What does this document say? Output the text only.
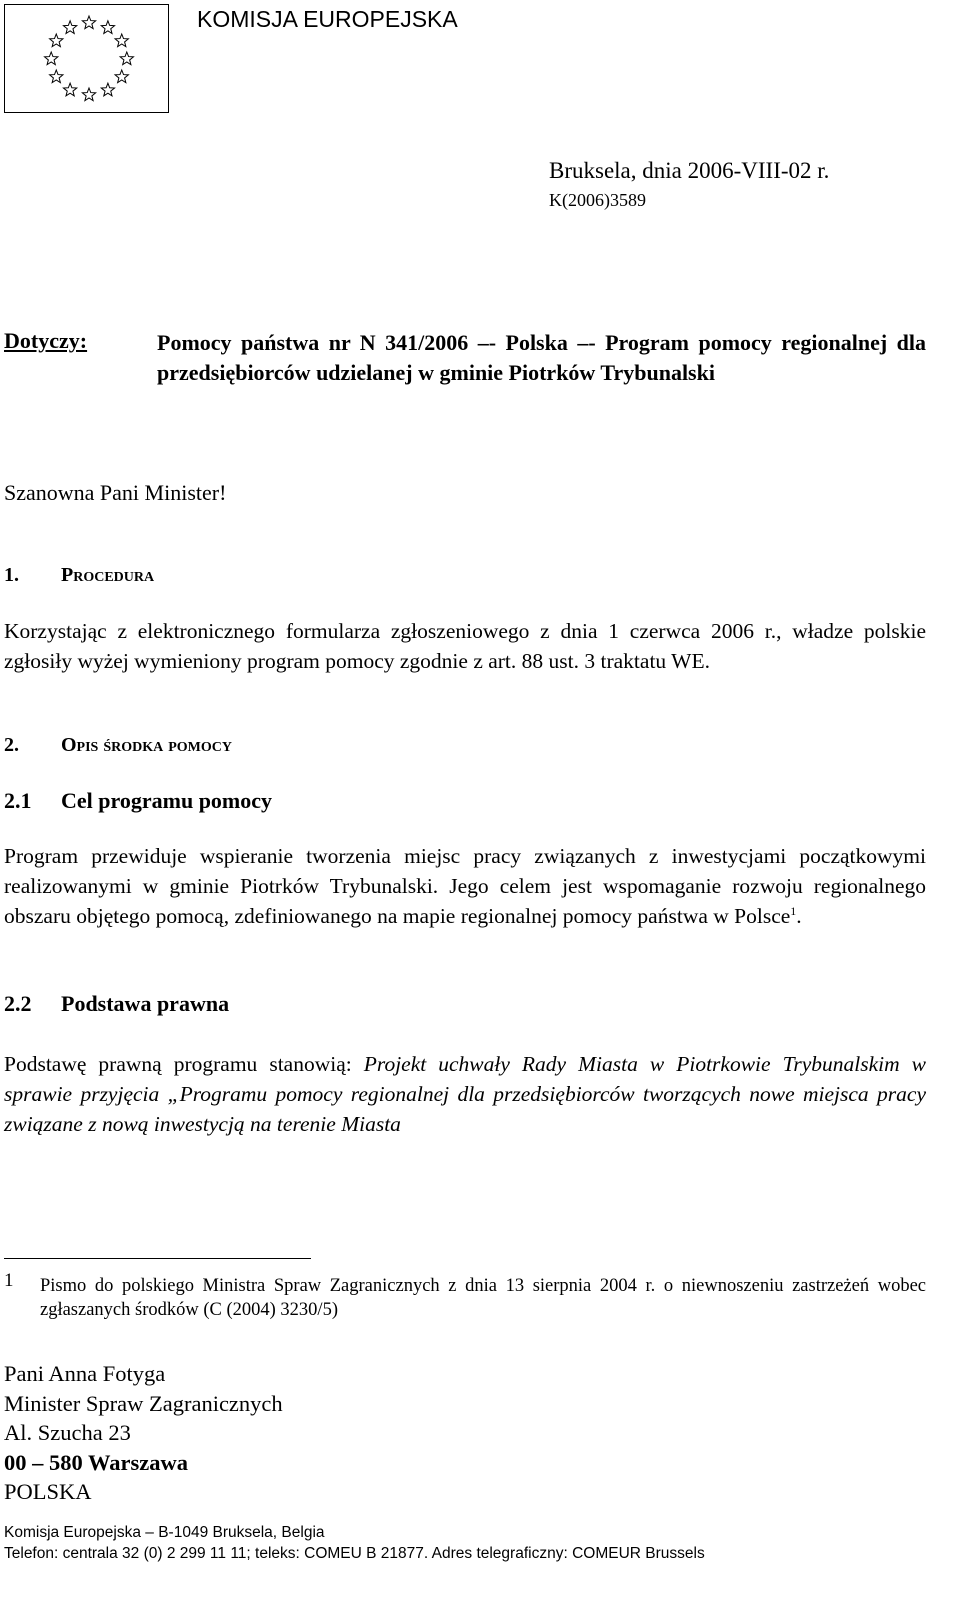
KOMISJA EUROPEJSKA
Bruksela, dnia 2006-VIII-02 r.
K(2006)3589
Dotyczy:	Pomocy państwa nr N 341/2006 –- Polska –- Program pomocy regionalnej dla przedsiębiorców udzielanej w gminie Piotrków Trybunalski
Szanowna Pani Minister!
1. Procedura
Korzystając z elektronicznego formularza zgłoszeniowego z dnia 1 czerwca 2006 r., władze polskie zgłosiły wyżej wymieniony program pomocy zgodnie z art. 88 ust. 3 traktatu WE.
2. Opis środka pomocy
2.1 Cel programu pomocy
Program przewiduje wspieranie tworzenia miejsc pracy związanych z inwestycjami początkowymi realizowanymi w gminie Piotrków Trybunalski. Jego celem jest wspomaganie rozwoju regionalnego obszaru objętego pomocą, zdefiniowanego na mapie regionalnej pomocy państwa w Polsce$^1$.
2.2 Podstawa prawna
Podstawę prawną programu stanowią: Projekt uchwały Rady Miasta w Piotrkowie Trybunalskim w sprawie przyjęcia „Programu pomocy regionalnej dla przedsiębiorców tworzących nowe miejsca pracy związane z nową inwestycją na terenie Miasta
1 Pismo do polskiego Ministra Spraw Zagranicznych z dnia 13 sierpnia 2004 r. o niewnoszeniu zastrzeżeń wobec zgłaszanych środków (C (2004) 3230/5)
Pani Anna Fotyga
Minister Spraw Zagranicznych
Al. Szucha 23
00 – 580 Warszawa
POLSKA
Komisja Europejska – B-1049 Bruksela, Belgia
Telefon: centrala 32 (0) 2 299 11 11; teleks: COMEU B 21877. Adres telegraficzny: COMEUR Brussels
